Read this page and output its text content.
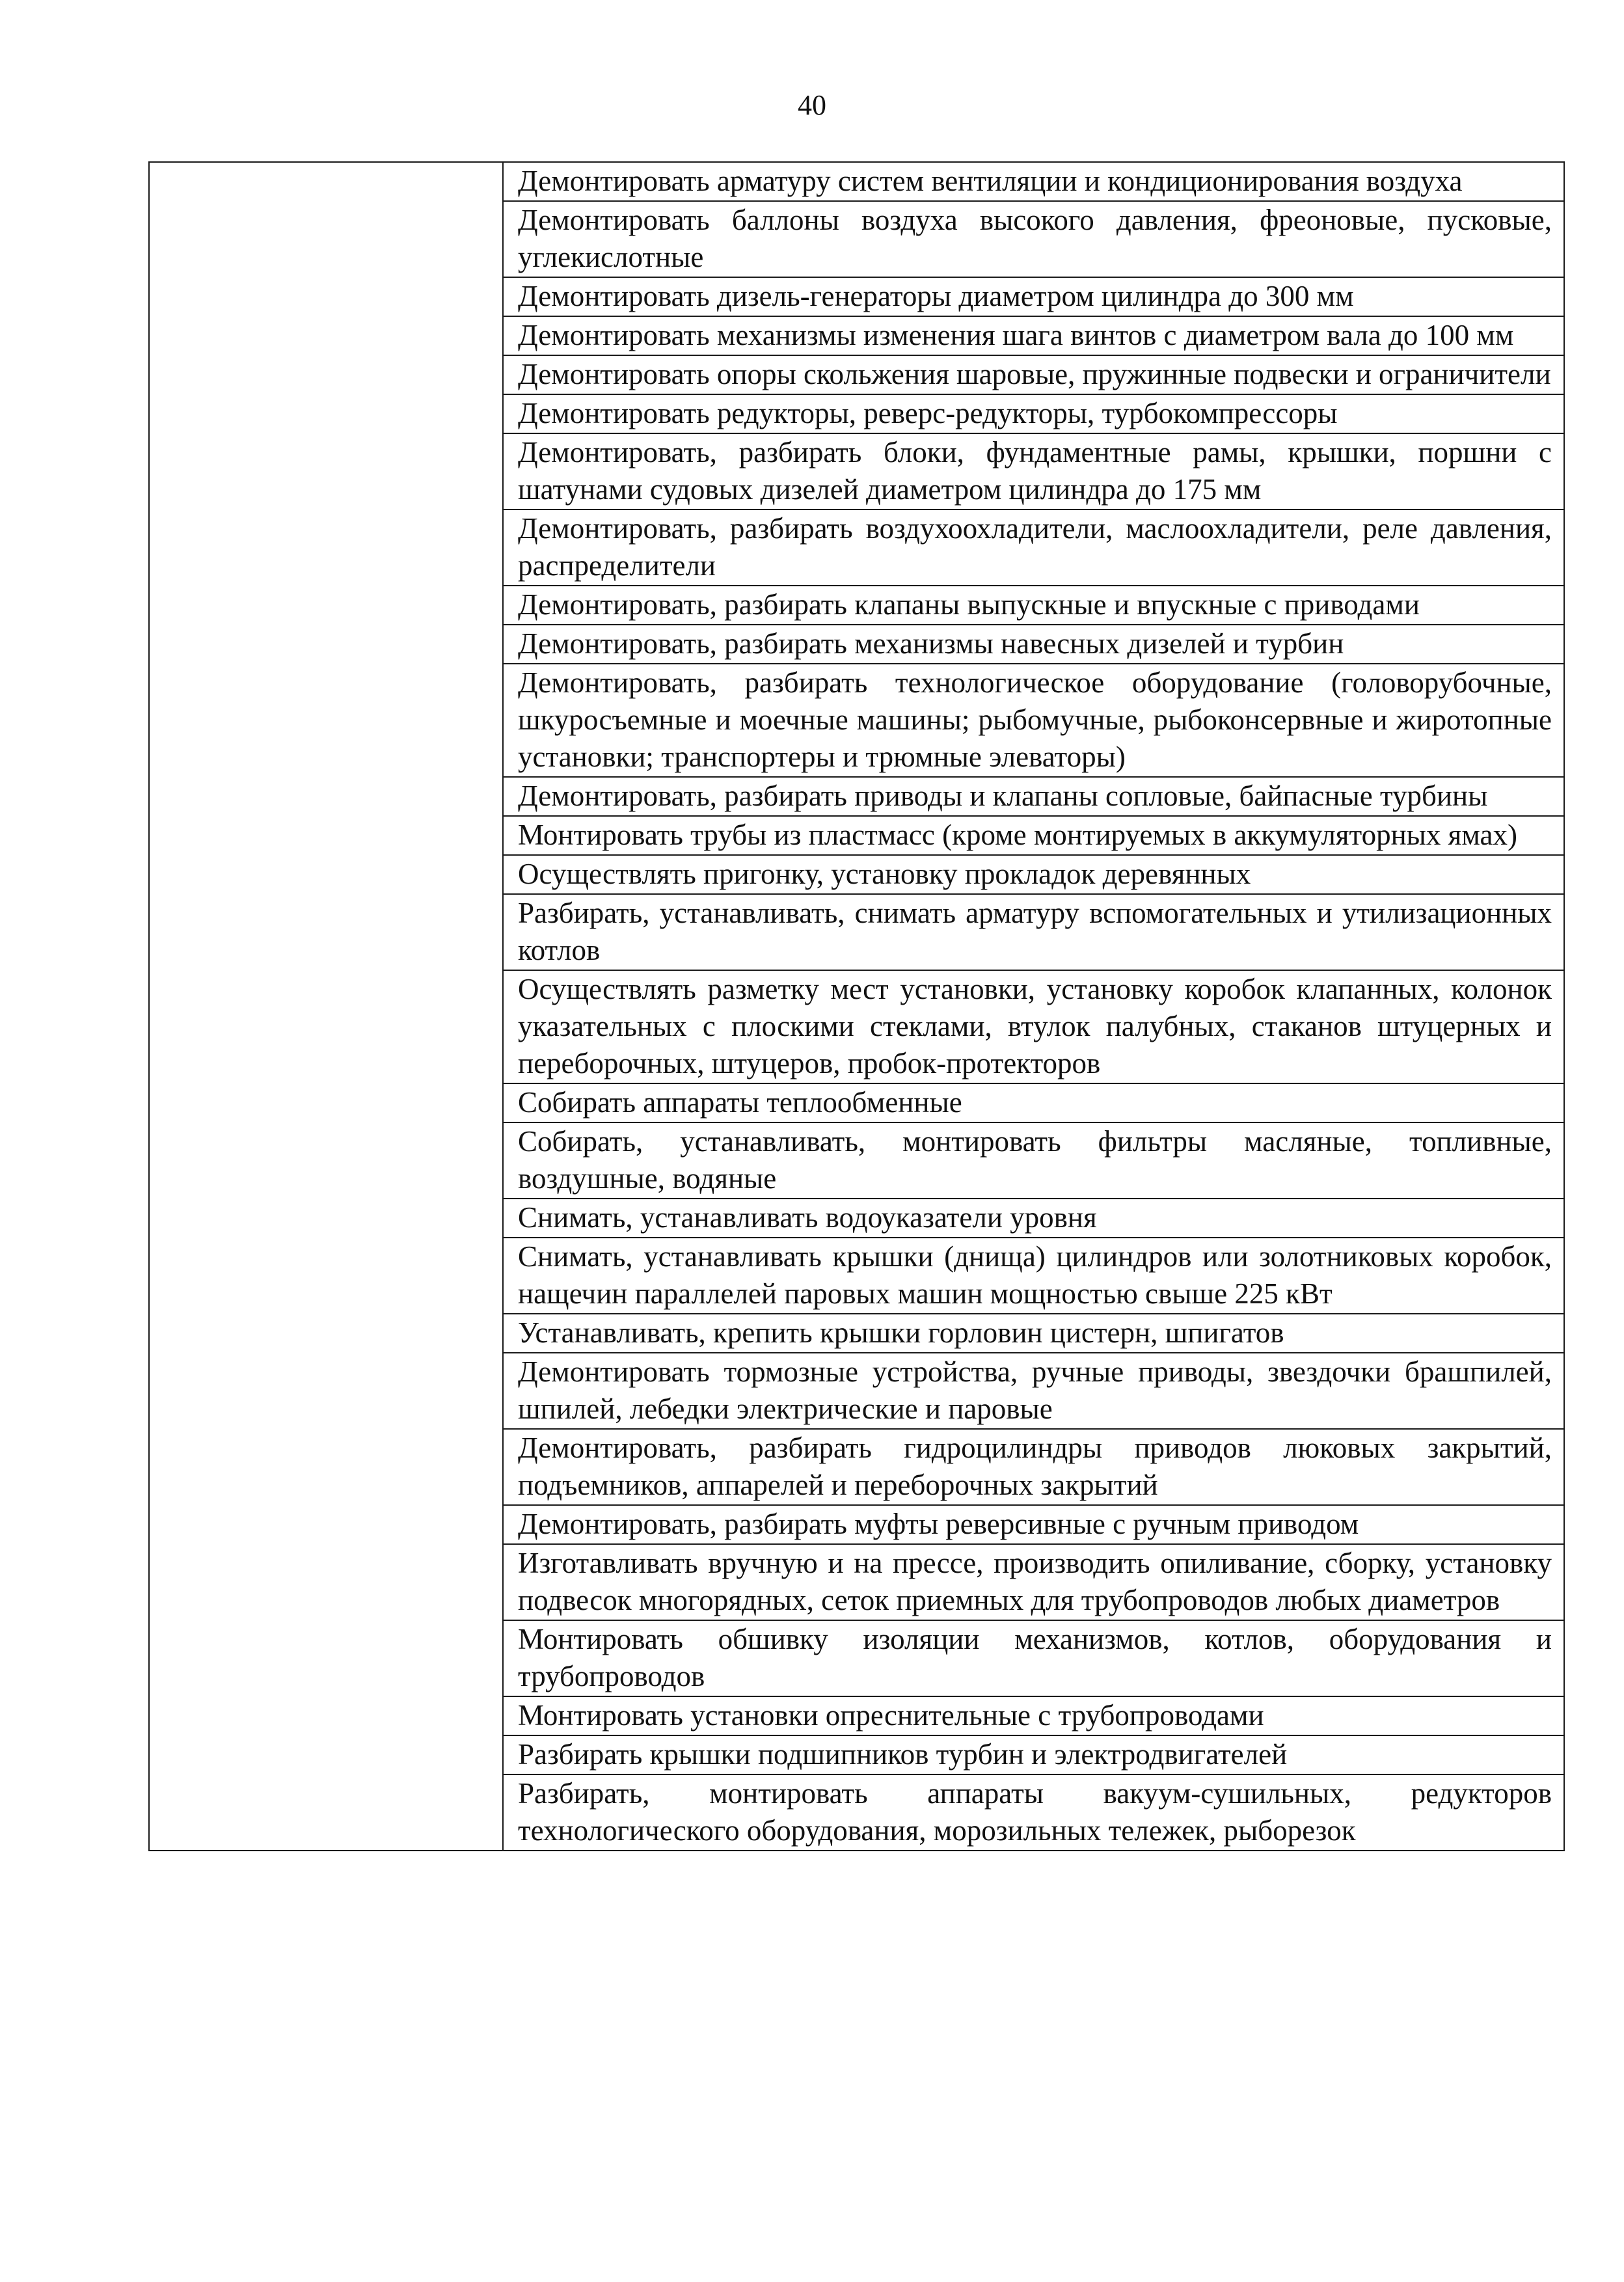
40
	Демонтировать арматуру систем вентиляции и кондиционирования воздуха
Демонтировать баллоны воздуха высокого давления, фреоновые, пусковые, углекислотные
Демонтировать дизель-генераторы диаметром цилиндра до 300 мм
Демонтировать механизмы изменения шага винтов с диаметром вала до 100 мм
Демонтировать опоры скольжения шаровые, пружинные подвески и ограничители
Демонтировать редукторы, реверс-редукторы, турбокомпрессоры
Демонтировать, разбирать блоки, фундаментные рамы, крышки, поршни с шатунами судовых дизелей диаметром цилиндра до 175 мм
Демонтировать, разбирать воздухоохладители, маслоохладители, реле давления, распределители
Демонтировать, разбирать клапаны выпускные и впускные с приводами
Демонтировать, разбирать механизмы навесных дизелей и турбин
Демонтировать, разбирать технологическое оборудование (головорубочные, шкуросъемные и моечные машины; рыбомучные, рыбоконсервные и жиротопные установки; транспортеры и трюмные элеваторы)
Демонтировать, разбирать приводы и клапаны сопловые, байпасные турбины
Монтировать трубы из пластмасс (кроме монтируемых в аккумуляторных ямах)
Осуществлять пригонку, установку прокладок деревянных
Разбирать, устанавливать, снимать арматуру вспомогательных и утилизационных котлов
Осуществлять разметку мест установки, установку коробок клапанных, колонок указательных с плоскими стеклами, втулок палубных, стаканов штуцерных и переборочных, штуцеров, пробок-протекторов
Собирать аппараты теплообменные
Собирать, устанавливать, монтировать фильтры масляные, топливные, воздушные, водяные
Снимать, устанавливать водоуказатели уровня
Снимать, устанавливать крышки (днища) цилиндров или золотниковых коробок, нащечин параллелей паровых машин мощностью свыше 225 кВт
Устанавливать, крепить крышки горловин цистерн, шпигатов
Демонтировать тормозные устройства, ручные приводы, звездочки брашпилей, шпилей, лебедки электрические и паровые
Демонтировать, разбирать гидроцилиндры приводов люковых закрытий, подъемников, аппарелей и переборочных закрытий
Демонтировать, разбирать муфты реверсивные с ручным приводом
Изготавливать вручную и на прессе, производить опиливание, сборку, установку подвесок многорядных, сеток приемных для трубопроводов любых диаметров
Монтировать обшивку изоляции механизмов, котлов, оборудования и трубопроводов
Монтировать установки опреснительные с трубопроводами
Разбирать крышки подшипников турбин и электродвигателей
Разбирать, монтировать аппараты вакуум-сушильных, редукторов технологического оборудования, морозильных тележек, рыборезок
